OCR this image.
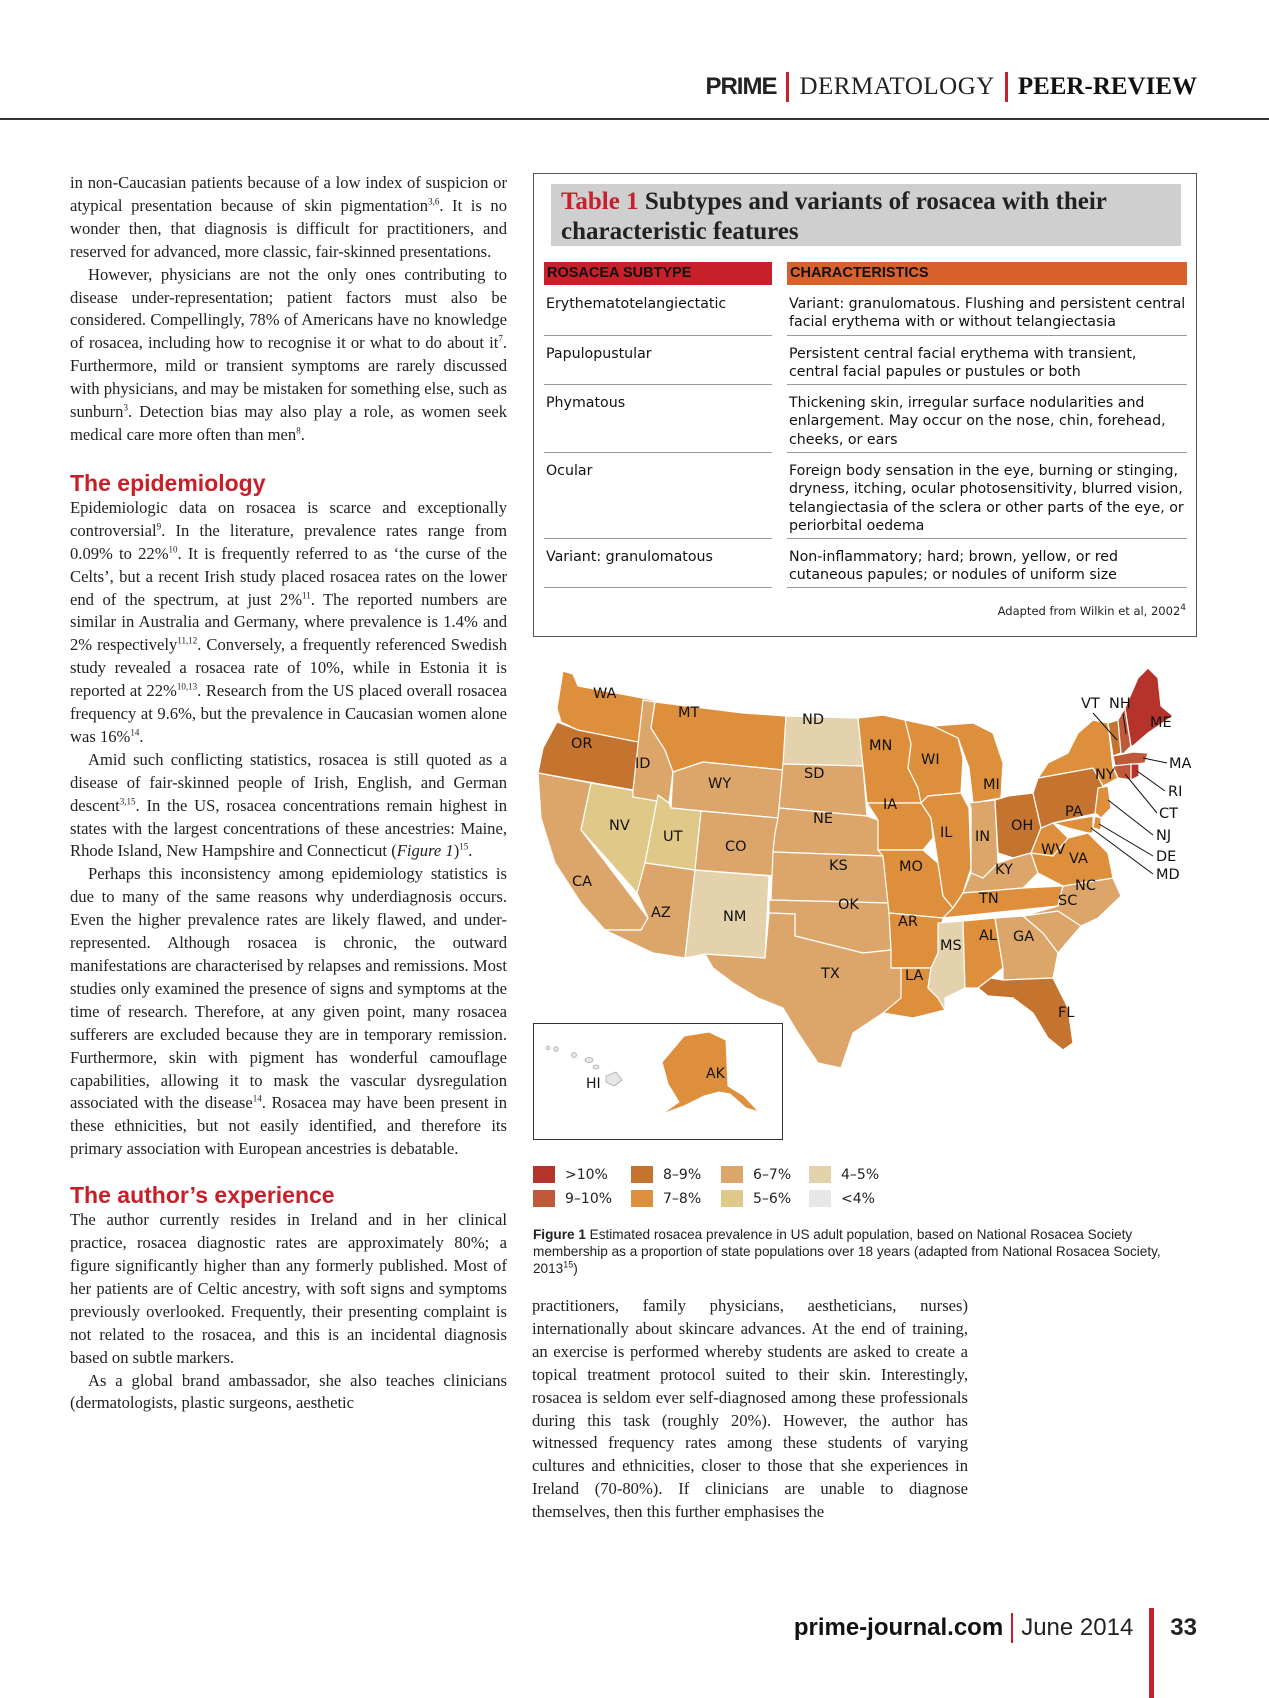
PRIME DERMATOLOGY PEER-REVIEW

in non-Caucasian patients because of a low index of suspicion or atypical presentation because of skin pigmentation$^{3,6}$. It is no wonder then, that diagnosis is difficult for practitioners, and reserved for advanced, more classic, fair-skinned presentations.

However, physicians are not the only ones contributing to disease under-representation; patient factors must also be considered. Compellingly, 78% of Americans have no knowledge of rosacea, including how to recognise it or what to do about $it^7$. Furthermore, mild or transient symptoms are rarely discussed with physicians, and may be mistaken for something else, such as sunburn$^3$. Detection bias may also play a role, as women seek medical care more often than men$^8$.

The epidemiology

Epidemiologic data on rosacea is scarce and exceptionally controversial$^9$. In the literature, prevalence rates range from 0.09% to 22%$^{10}$. It is frequently referred to as ‘the curse of the Celts’, but a recent Irish study placed rosacea rates on the lower end of the spectrum, at just 2%$^{11}$. The reported numbers are similar in Australia and Germany, where prevalence is 1.4% and 2% respectively$^{11,12}$. Conversely, a frequently referenced Swedish study revealed a rosacea rate of 10%, while in Estonia it is reported at 22%$^{10,13}$. Research from the US placed overall rosacea frequency at 9.6%, but the prevalence in Caucasian women alone was 16%$^{14}$.

Amid such conflicting statistics, rosacea is still quoted as a disease of fair-skinned people of Irish, English, and German descent$^{3,15}$. In the US, rosacea concentrations remain highest in states with the largest concentrations of these ancestries: Maine, Rhode Island, New Hampshire and Connecticut (Figure 1)$^{15}$.

Perhaps this inconsistency among epidemiology statistics is due to many of the same reasons why underdiagnosis occurs. Even the higher prevalence rates are likely flawed, and under-represented. Although rosacea is chronic, the outward manifestations are characterised by relapses and remissions. Most studies only examined the presence of signs and symptoms at the time of research. Therefore, at any given point, many rosacea sufferers are excluded because they are in temporary remission. Furthermore, skin with pigment has wonderful camouflage capabilities, allowing it to mask the vascular dysregulation associated with the disease$^{14}$. Rosacea may have been present in these ethnicities, but not easily identified, and therefore its primary association with European ancestries is debatable.

The author’s experience

The author currently resides in Ireland and in her clinical practice, rosacea diagnostic rates are approximately 80%; a figure significantly higher than any formerly published. Most of her patients are of Celtic ancestry, with soft signs and symptoms previously overlooked. Frequently, their presenting complaint is not related to the rosacea, and this is an incidental diagnosis based on subtle markers.

As a global brand ambassador, she also teaches clinicians (dermatologists, plastic surgeons, aesthetic

Table 1 Subtypes and variants of rosacea with their characteristic features
ROSACEA SUBTYPE	CHARACTERISTICS
Erythematotelangiectatic	Variant: granulomatous. Flushing and persistent central facial erythema with or without telangiectasia
Papulopustular	Persistent central facial erythema with transient, central facial papules or pustules or both
Phymatous	Thickening skin, irregular surface nodularities and enlargement. May occur on the nose, chin, forehead, cheeks, or ears
Ocular	Foreign body sensation in the eye, burning or stinging, dryness, itching, ocular photosensitivity, blurred vision, telangiectasia of the sclera or other parts of the eye, or periorbital oedema
Variant: granulomatous	Non-inflammatory; hard; brown, yellow, or red cutaneous papules; or nodules of uniform size
Adapted from Wilkin et al, 2002$^4$
WA
OR
MT
ID
WY
NV
UT
CO
CA
AZ	NM
ND
SD
NE
KS
OK
TX
MN
IA
MO
AR
LA
WI
IL
MI
IN
OH
KY
TN
MS
AL GA
SC
NC
VA
WV
PA
NY
FL
ME
VT NH
MA
RI
CT
NJ
DE
MD
HI
AK
>10%
9–10%
8–9%
7–8%
6–7%
5–6%
4–5%
<4%
Figure 1 Estimated rosacea prevalence in US adult population, based on National Rosacea Society membership as a proportion of state populations over 18 years (adapted from National Rosacea Society, 2013$^{15}$)

practitioners, family physicians, aestheticians, nurses) internationally about skincare advances. At the end of training, an exercise is performed whereby students are asked to create a topical treatment protocol suited to their skin. Interestingly, rosacea is seldom ever self-diagnosed among these professionals during this task (roughly 20%). However, the author has witnessed frequency rates among these students of varying cultures and ethnicities, closer to those that she experiences in Ireland (70-80%). If clinicians are unable to diagnose themselves, then this further emphasises the

prime-journal.com June 2014 33
